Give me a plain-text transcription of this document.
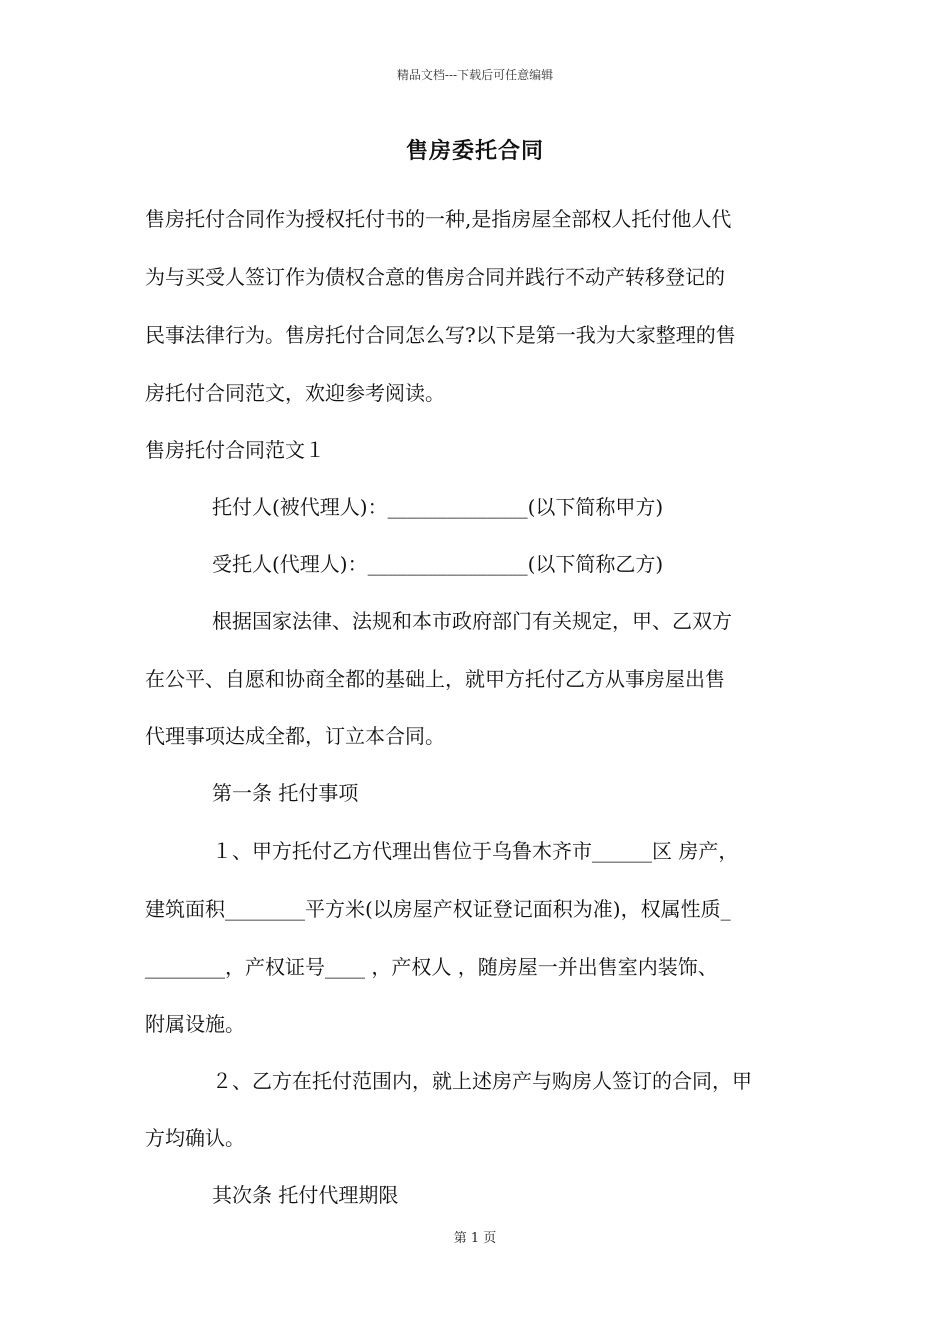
精品文档---下载后可任意编辑
售房委托合同
售房托付合同作为授权托付书的一种,是指房屋全部权人托付他人代
为与买受人签订作为债权合意的售房合同并践行不动产转移登记的
民事法律行为。售房托付合同怎么写?以下是第一我为大家整理的售
房托付合同范文，欢迎参考阅读。
售房托付合同范文１
托付人(被代理人)：______________(以下简称甲方)
受托人(代理人)：________________(以下简称乙方)
根据国家法律、法规和本市政府部门有关规定，甲、乙双方
在公平、自愿和协商全都的基础上，就甲方托付乙方从事房屋出售
代理事项达成全都，订立本合同。
第一条 托付事项
１、甲方托付乙方代理出售位于乌鲁木齐市______区 房产，
建筑面积________平方米(以房屋产权证登记面积为准)，权属性质_
________，产权证号____ ，产权人 ，随房屋一并出售室内装饰、
附属设施。
２、乙方在托付范围内，就上述房产与购房人签订的合同，甲
方均确认。
其次条 托付代理期限
第 1 页
